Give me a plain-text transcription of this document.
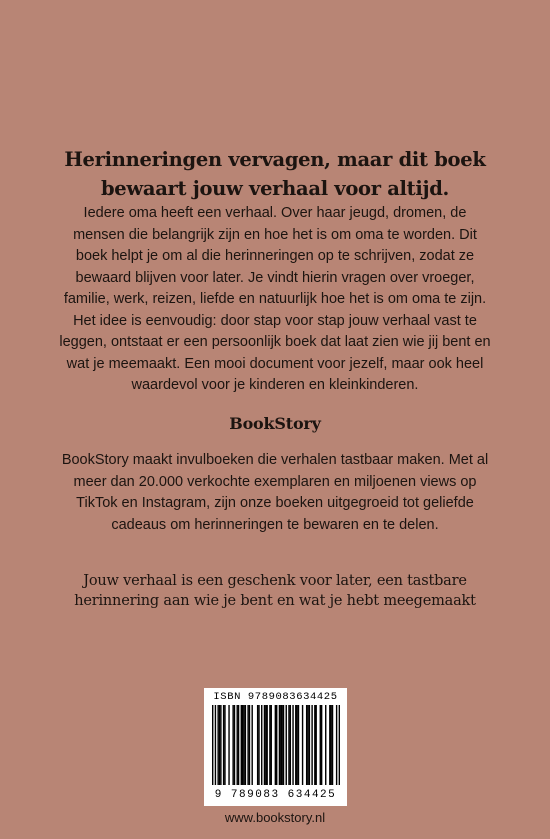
Herinneringen vervagen, maar dit boek
bewaart jouw verhaal voor altijd.
Iedere oma heeft een verhaal. Over haar jeugd, dromen, de mensen die belangrijk zijn en hoe het is om oma te worden. Dit boek helpt je om al die herinneringen op te schrijven, zodat ze bewaard blijven voor later. Je vindt hierin vragen over vroeger, familie, werk, reizen, liefde en natuurlijk hoe het is om oma te zijn. Het idee is eenvoudig: door stap voor stap jouw verhaal vast te leggen, ontstaat er een persoonlijk boek dat laat zien wie jij bent en wat je meemaakt. Een mooi document voor jezelf, maar ook heel waardevol voor je kinderen en kleinkinderen.
BookStory
BookStory maakt invulboeken die verhalen tastbaar maken. Met al meer dan 20.000 verkochte exemplaren en miljoenen views op TikTok en Instagram, zijn onze boeken uitgegroeid tot geliefde cadeaus om herinneringen te bewaren en te delen.
Jouw verhaal is een geschenk voor later, een tastbare
herinnering aan wie je bent en wat je hebt meegemaakt
ISBN 9789083634425
9 789083 634425
www.bookstory.nl
